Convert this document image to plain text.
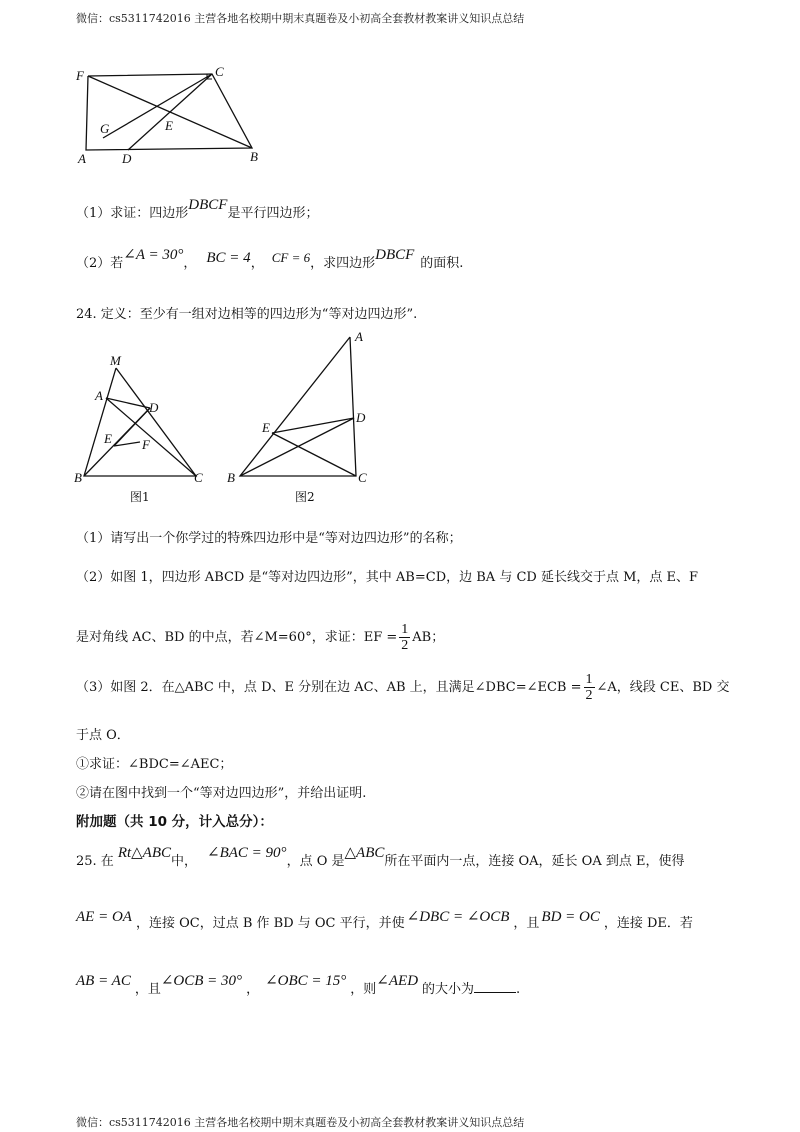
微信：cs5311742016 主营各地名校期中期末真题卷及小初高全套教材教案讲义知识点总结
F	C
G	E
A	D	B
（1）求证：四边形DBCF是平行四边形；
（2）若∠A = 30°， BC = 4， CF = 6，求四边形DBCF的面积.
24. 定义：至少有一组对边相等的四边形为“等对边四边形”.
M
A
D
E F
B	C
图1
A
D
E
B	C
图2
（1）请写出一个你学过的特殊四边形中是“等对边四边形”的名称；
（2）如图 1，四边形 ABCD 是“等对边四边形”，其中 AB=CD，边 BA 与 CD 延长线交于点 M，点 E、F
是对角线 AC、BD 的中点，若∠M=60°，求证：EF = $\frac{1}{2}$ AB；
（3）如图 2．在△ABC 中，点 D、E 分别在边 AC、AB 上，且满足∠DBC=∠ECB = $\frac{1}{2}$ ∠A，线段 CE、BD 交
于点 O．
①求证：∠BDC=∠AEC；
②请在图中找到一个“等对边四边形”，并给出证明.
附加题（共 10 分，计入总分）：
25. 在Rt△ABC中，∠BAC = 90°，点 O 是△ABC所在平面内一点，连接 OA，延长 OA 到点 E，使得
AE = OA ，连接 OC，过点 B 作 BD 与 OC 平行，并使 ∠DBC = ∠OCB ，且 BD = OC ，连接 DE．若
AB = AC，且∠OCB = 30°，∠OBC = 15°，则∠AED的大小为	.
微信：cs5311742016 主营各地名校期中期末真题卷及小初高全套教材教案讲义知识点总结
